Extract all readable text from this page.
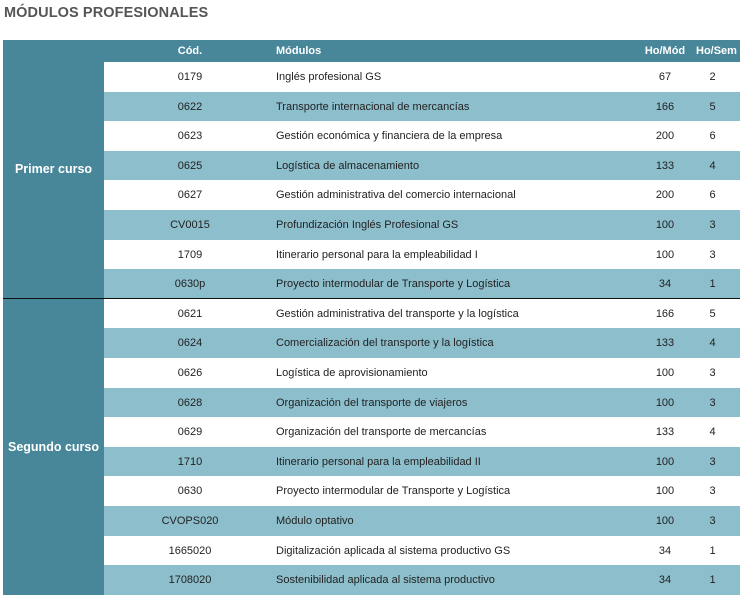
MÓDULOS PROFESIONALES
Cód.	Módulos	Ho/Mód Ho/Sem
Primer curso
0179	Inglés profesional GS	67	2
0622	Transporte internacional de mercancías	166	5
0623	Gestión económica y financiera de la empresa	200	6
0625	Logística de almacenamiento	133	4
0627	Gestión administrativa del comercio internacional	200	6
CV0015	Profundización Inglés Profesional GS	100	3
1709	Itinerario personal para la empleabilidad I	100	3
0630p	Proyecto intermodular de Transporte y Logística	34	1
Segundo curso
0621	Gestión administrativa del transporte y la logística	166	5
0624	Comercialización del transporte y la logística	133	4
0626	Logística de aprovisionamiento	100	3
0628	Organización del transporte de viajeros	100	3
0629	Organización del transporte de mercancías	133	4
1710	Itinerario personal para la empleabilidad II	100	3
0630	Proyecto intermodular de Transporte y Logística	100	3
CVOPS020	Módulo optativo	100	3
1665020	Digitalización aplicada al sistema productivo GS	34	1
1708020	Sostenibilidad aplicada al sistema productivo	34	1
